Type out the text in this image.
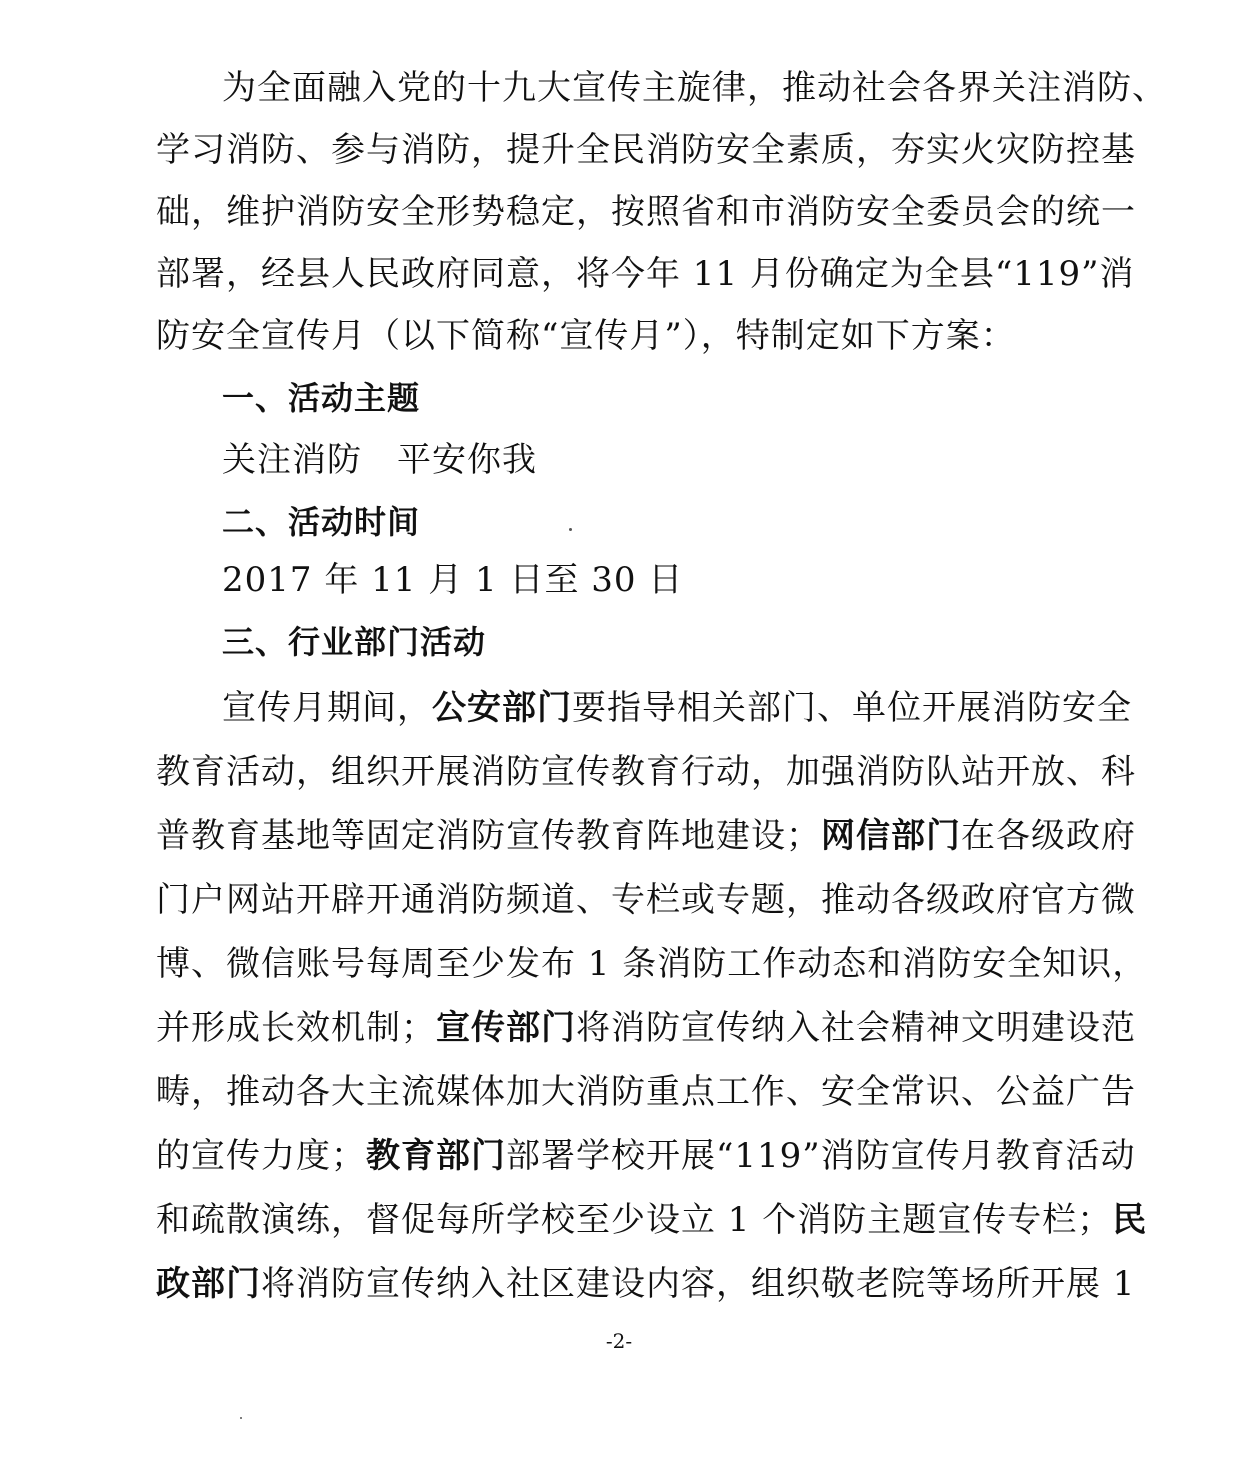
为全面融入党的十九大宣传主旋律，推动社会各界关注消防、
学习消防、参与消防，提升全民消防安全素质，夯实火灾防控基
础，维护消防安全形势稳定，按照省和市消防安全委员会的统一
部署，经县人民政府同意，将今年 11 月份确定为全县“119”消
防安全宣传月（以下简称“宣传月”），特制定如下方案：
一、活动主题
关注消防　平安你我
二、活动时间
2017 年 11 月 1 日至 30 日
三、行业部门活动
宣传月期间，公安部门要指导相关部门、单位开展消防安全
教育活动，组织开展消防宣传教育行动，加强消防队站开放、科
普教育基地等固定消防宣传教育阵地建设；网信部门在各级政府
门户网站开辟开通消防频道、专栏或专题，推动各级政府官方微
博、微信账号每周至少发布 1 条消防工作动态和消防安全知识，
并形成长效机制；宣传部门将消防宣传纳入社会精神文明建设范
畴，推动各大主流媒体加大消防重点工作、安全常识、公益广告
的宣传力度；教育部门部署学校开展“119”消防宣传月教育活动
和疏散演练，督促每所学校至少设立 1 个消防主题宣传专栏；民
政部门将消防宣传纳入社区建设内容，组织敬老院等场所开展 1
-2-
